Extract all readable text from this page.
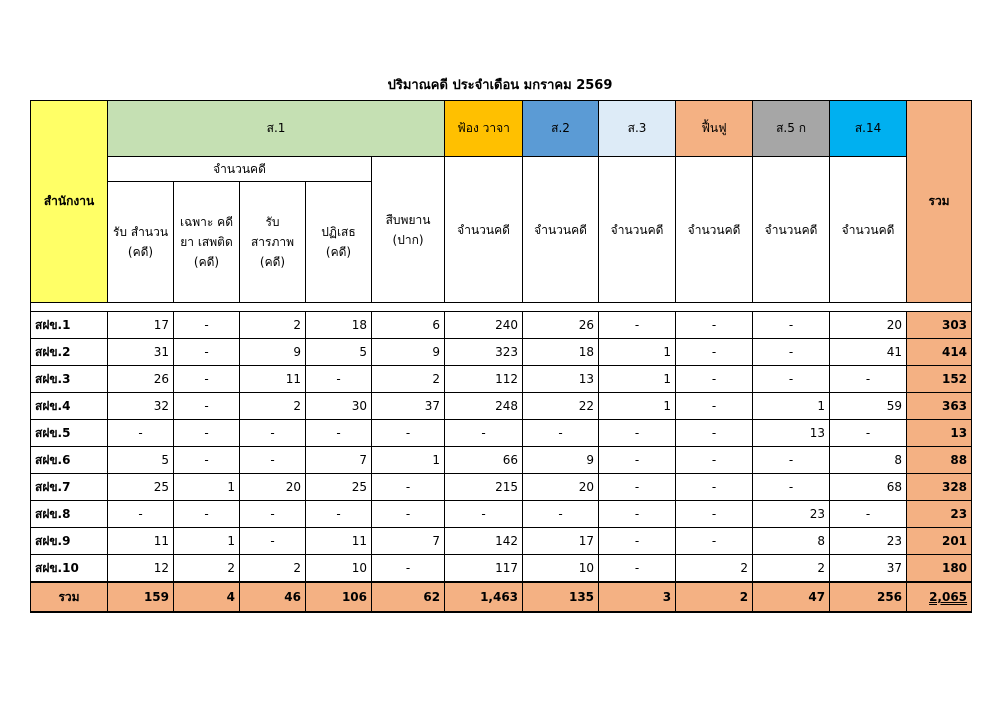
ปริมาณคดี ประจำเดือน มกราคม 2569
สำนักงาน	ส.1					ฟ้อง วาจา	ส.2	ส.3	ฟื้นฟู	ส.5 ก	ส.14	รวม
	จำนวนคดี				สืบพยาน (ปาก)	จำนวนคดี	จำนวนคดี	จำนวนคดี	จำนวนคดี	จำนวนคดี	จำนวนคดี	
	รับ สำนวน (คดี)	เฉพาะ คดียา เสพติด (คดี)	รับ สารภาพ (คดี)	ปฏิเสธ (คดี)								

สฝข.1	17	-	2	18	6	240	26	-	-	-	20	303
สฝข.2	31	-	9	5	9	323	18	1	-	-	41	414
สฝข.3	26	-	11	-	2	112	13	1	-	-	-	152
สฝข.4	32	-	2	30	37	248	22	1	-	1	59	363
สฝข.5	-	-	-	-	-	-	-	-	-	13	-	13
สฝข.6	5	-	-	7	1	66	9	-	-	-	8	88
สฝข.7	25	1	20	25	-	215	20	-	-	-	68	328
สฝข.8	-	-	-	-	-	-	-	-	-	23	-	23
สฝข.9	11	1	-	11	7	142	17	-	-	8	23	201
สฝข.10	12	2	2	10	-	117	10	-	2	2	37	180
รวม	159	4	46	106	62	1,463	135	3	2	47	256	2,065
